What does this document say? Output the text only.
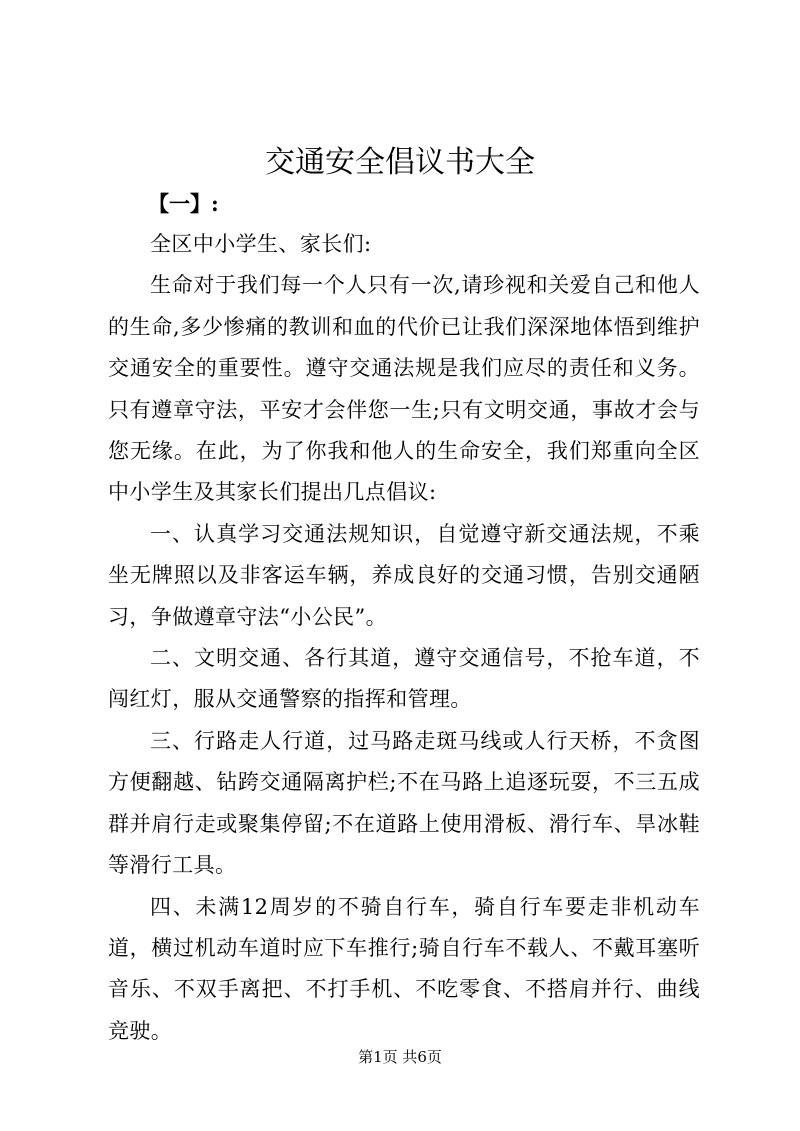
交通安全倡议书大全
【一】:

全区中小学生、家长们:

生命对于我们每一个人只有一次,请珍视和关爱自己和他人的生命,多少惨痛的教训和血的代价已让我们深深地体悟到维护交通安全的重要性。遵守交通法规是我们应尽的责任和义务。只有遵章守法，平安才会伴您一生;只有文明交通，事故才会与您无缘。在此，为了你我和他人的生命安全，我们郑重向全区中小学生及其家长们提出几点倡议:

一、认真学习交通法规知识，自觉遵守新交通法规，不乘坐无牌照以及非客运车辆，养成良好的交通习惯，告别交通陋习，争做遵章守法“小公民”。

二、文明交通、各行其道，遵守交通信号，不抢车道，不闯红灯，服从交通警察的指挥和管理。

三、行路走人行道，过马路走斑马线或人行天桥，不贪图方便翻越、钻跨交通隔离护栏;不在马路上追逐玩耍，不三五成群并肩行走或聚集停留;不在道路上使用滑板、滑行车、旱冰鞋等滑行工具。

四、未满12周岁的不骑自行车，骑自行车要走非机动车道，横过机动车道时应下车推行;骑自行车不载人、不戴耳塞听音乐、不双手离把、不打手机、不吃零食、不搭肩并行、曲线竞驶。

第1页 共6页
